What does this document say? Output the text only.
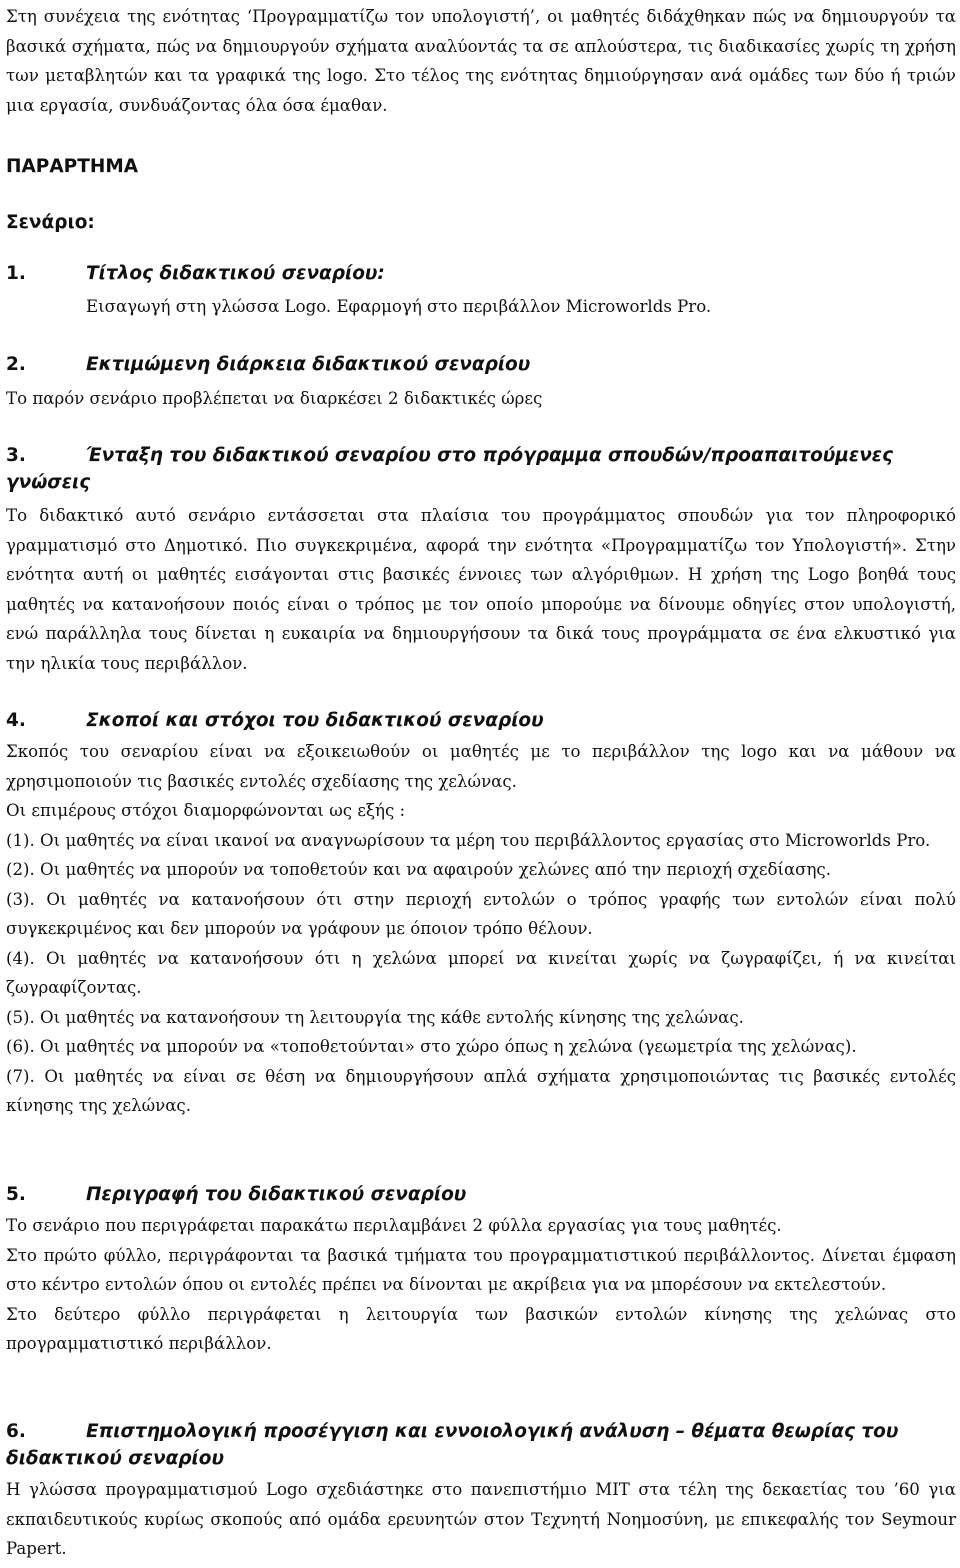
Στη συνέχεια της ενότητας ‘Προγραμματίζω τον υπολογιστή’, οι μαθητές διδάχθηκαν πώς να δημιουργούν τα βασικά σχήματα, πώς να δημιουργούν σχήματα αναλύοντάς τα σε απλούστερα, τις διαδικασίες χωρίς τη χρήση των μεταβλητών και τα γραφικά της logo. Στο τέλος της ενότητας δημιούργησαν ανά ομάδες των δύο ή τριών μια εργασία, συνδυάζοντας όλα όσα έμαθαν.

ΠΑΡΑΡΤΗΜΑ
Σενάριο:
1.	Τίτλος διδακτικού σεναρίου:

Εισαγωγή στη γλώσσα Logo. Εφαρμογή στο περιβάλλον Microworlds Pro.

2.	Εκτιμώμενη διάρκεια διδακτικού σεναρίου

Το παρόν σενάριο προβλέπεται να διαρκέσει 2 διδακτικές ώρες

3.	Ένταξη του διδακτικού σεναρίου στο πρόγραμμα σπουδών/προαπαιτούμενες γνώσεις

Το διδακτικό αυτό σενάριο εντάσσεται στα πλαίσια του προγράμματος σπουδών για τον πληροφορικό γραμματισμό στο Δημοτικό. Πιο συγκεκριμένα, αφορά την ενότητα «Προγραμματίζω τον Υπολογιστή». Στην ενότητα αυτή οι μαθητές εισάγονται στις βασικές έννοιες των αλγόριθμων. Η χρήση της Logo βοηθά τους μαθητές να κατανοήσουν ποιός είναι ο τρόπος με τον οποίο μπορούμε να δίνουμε οδηγίες στον υπολογιστή, ενώ παράλληλα τους δίνεται η ευκαιρία να δημιουργήσουν τα δικά τους προγράμματα σε ένα ελκυστικό για την ηλικία τους περιβάλλον.

4.	Σκοποί και στόχοι του διδακτικού σεναρίου

Σκοπός του σεναρίου είναι να εξοικειωθούν οι μαθητές με το περιβάλλον της logo και να μάθουν να χρησιμοποιούν τις βασικές εντολές σχεδίασης της χελώνας.

Οι επιμέρους στόχοι διαμορφώνονται ως εξής :

(1). Οι μαθητές να είναι ικανοί να αναγνωρίσουν τα μέρη του περιβάλλοντος εργασίας στο Microworlds Pro.

(2). Οι μαθητές να μπορούν να τοποθετούν και να αφαιρούν χελώνες από την περιοχή σχεδίασης.

(3). Οι μαθητές να κατανοήσουν ότι στην περιοχή εντολών ο τρόπος γραφής των εντολών είναι πολύ συγκεκριμένος και δεν μπορούν να γράφουν με όποιον τρόπο θέλουν.

(4). Οι μαθητές να κατανοήσουν ότι η χελώνα μπορεί να κινείται χωρίς να ζωγραφίζει, ή να κινείται ζωγραφίζοντας.

(5). Οι μαθητές να κατανοήσουν τη λειτουργία της κάθε εντολής κίνησης της χελώνας.

(6). Οι μαθητές να μπορούν να «τοποθετούνται» στο χώρο όπως η χελώνα (γεωμετρία της χελώνας).

(7). Οι μαθητές να είναι σε θέση να δημιουργήσουν απλά σχήματα χρησιμοποιώντας τις βασικές εντολές κίνησης της χελώνας.

5.	Περιγραφή του διδακτικού σεναρίου

Το σενάριο που περιγράφεται παρακάτω περιλαμβάνει 2 φύλλα εργασίας για τους μαθητές.

Στο πρώτο φύλλο, περιγράφονται τα βασικά τμήματα του προγραμματιστικού περιβάλλοντος. Δίνεται έμφαση στο κέντρο εντολών όπου οι εντολές πρέπει να δίνονται με ακρίβεια για να μπορέσουν να εκτελεστούν.

Στο δεύτερο φύλλο περιγράφεται η λειτουργία των βασικών εντολών κίνησης της χελώνας στο προγραμματιστικό περιβάλλον.

6.	Επιστημολογική προσέγγιση και εννοιολογική ανάλυση – θέματα θεωρίας του διδακτικού σεναρίου

Η γλώσσα προγραμματισμού Logo σχεδιάστηκε στο πανεπιστήμιο MIT στα τέλη της δεκαετίας του ’60 για εκπαιδευτικούς κυρίως σκοπούς από ομάδα ερευνητών στον Τεχνητή Νοημοσύνη, με επικεφαλής τον Seymour Papert.
